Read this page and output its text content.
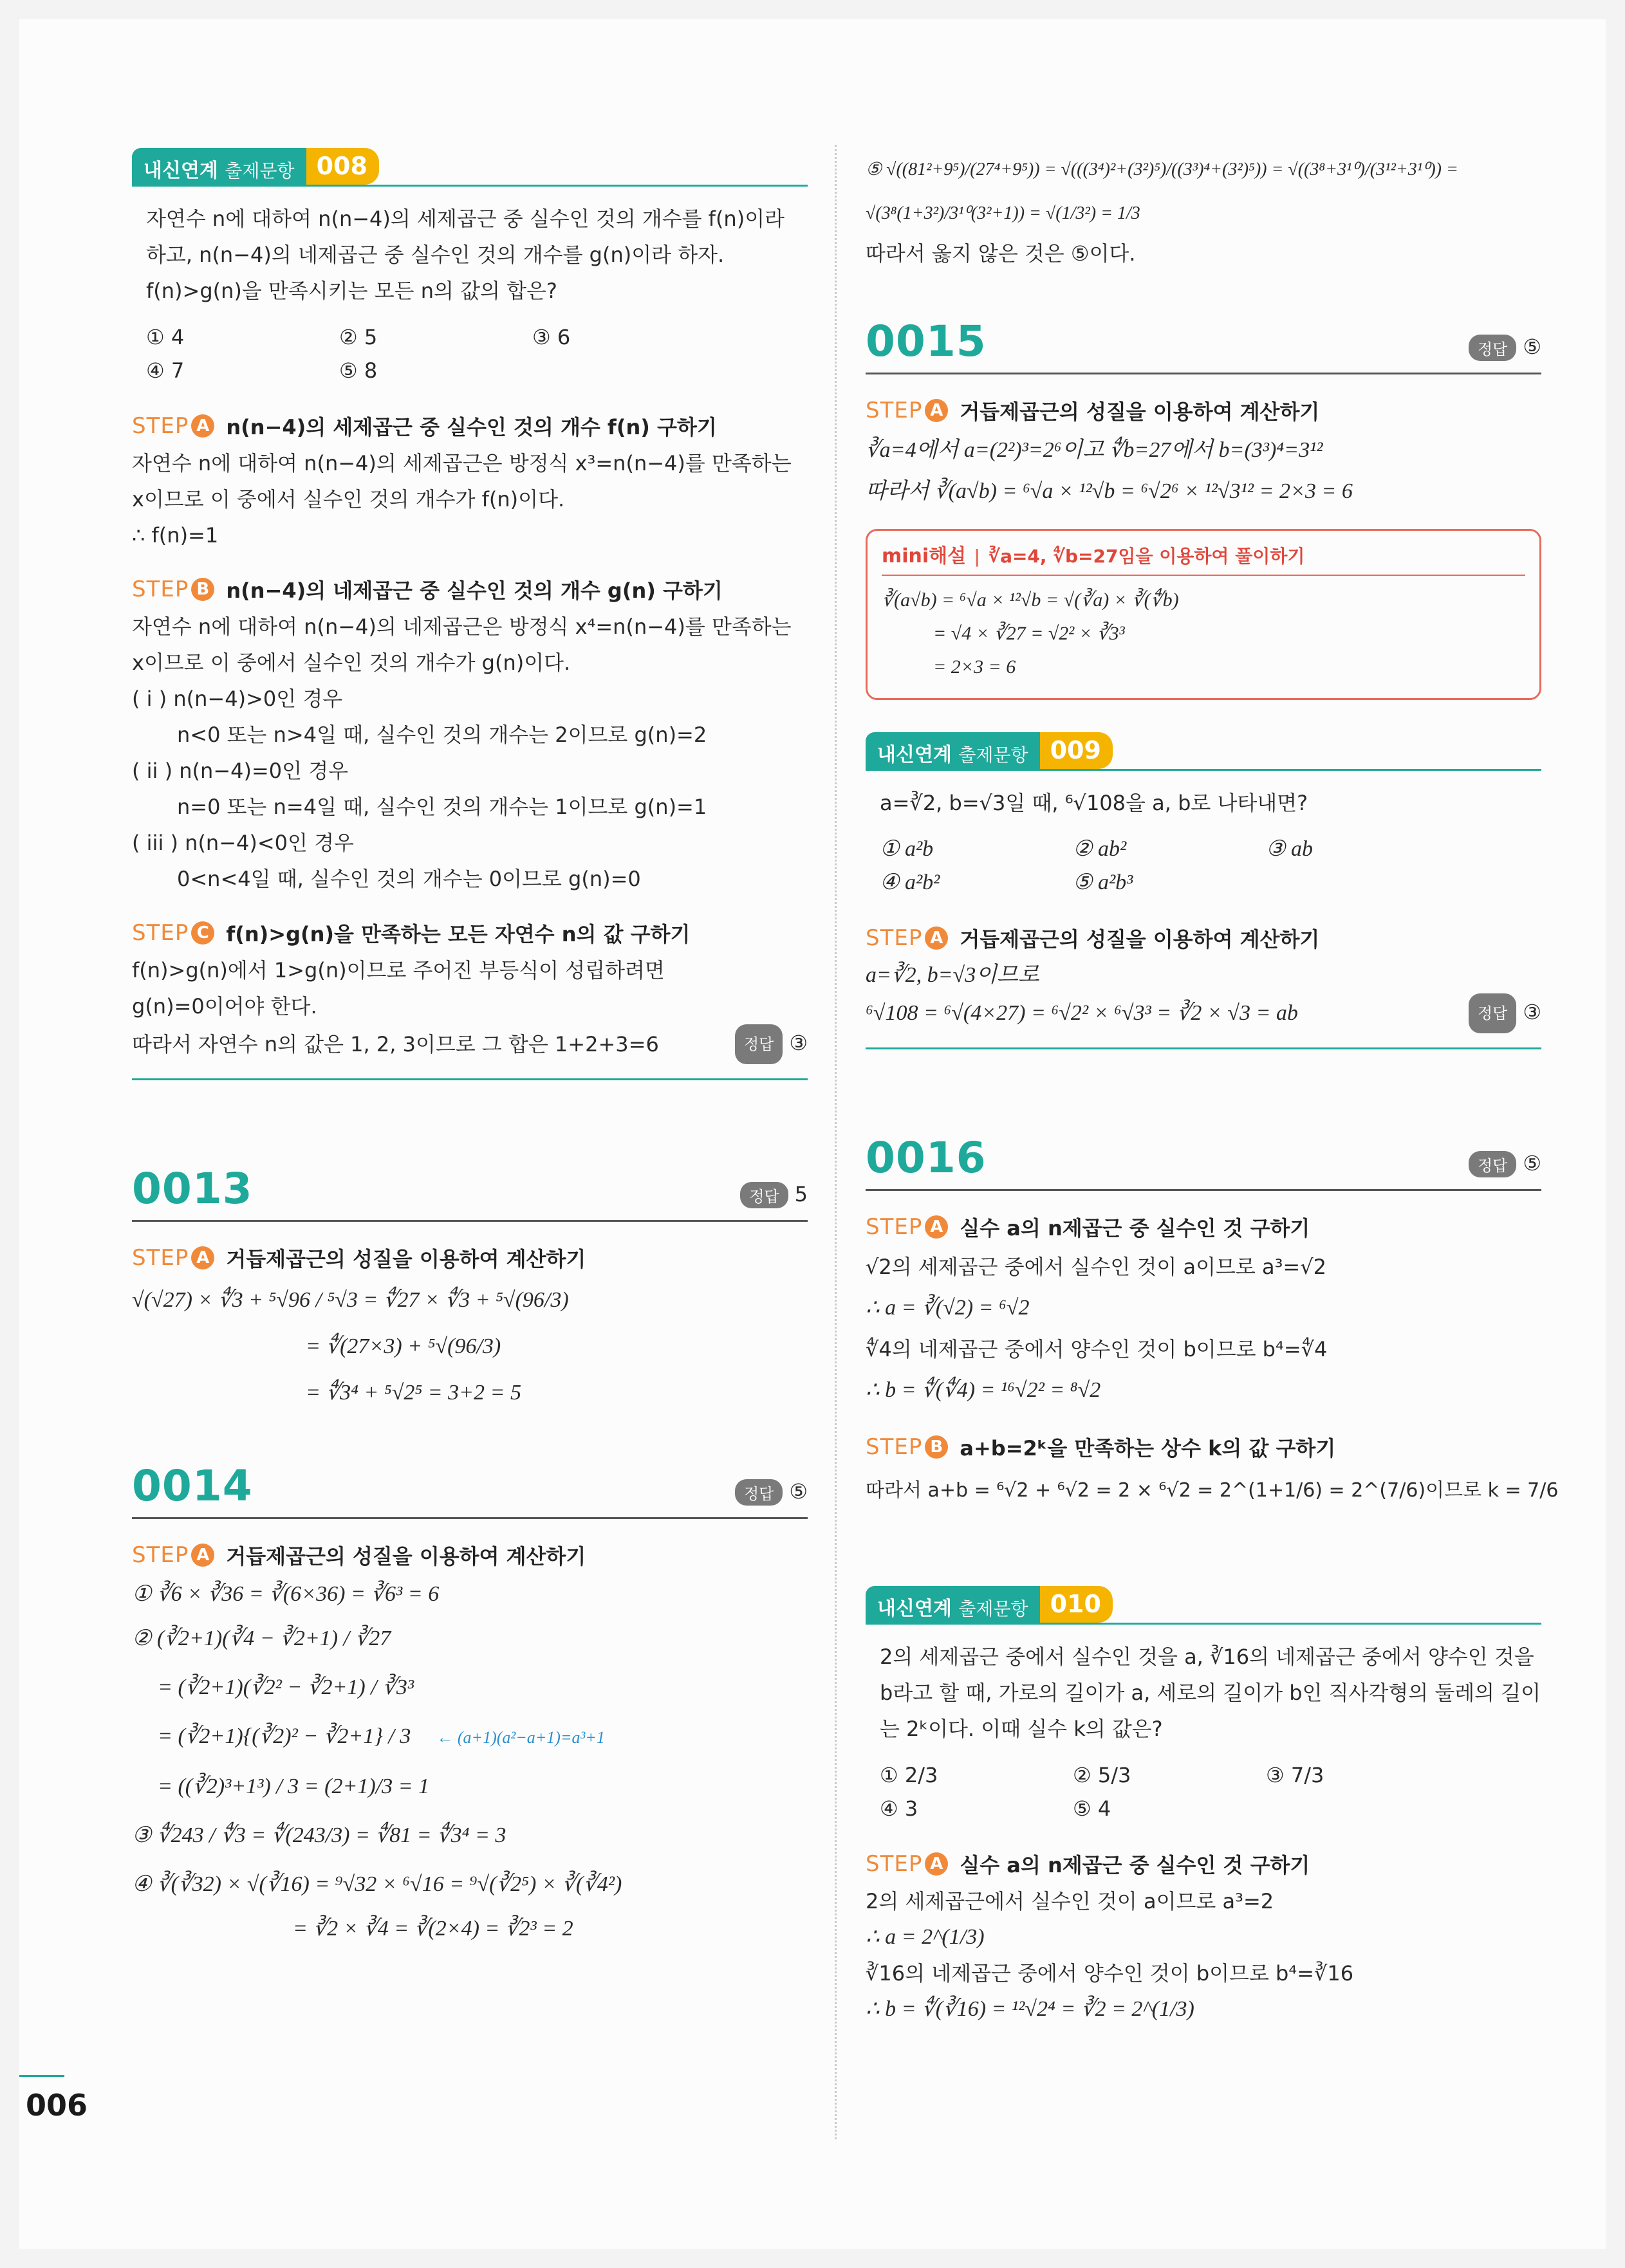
006
내신연계 출제문항 008
자연수 n에 대하여 n(n−4)의 세제곱근 중 실수인 것의 개수를 f(n)이라
하고, n(n−4)의 네제곱근 중 실수인 것의 개수를 g(n)이라 하자.
f(n)>g(n)을 만족시키는 모든 n의 값의 합은?
① 4	② 5	③ 6
④ 7	⑤ 8
STEP A n(n−4)의 세제곱근 중 실수인 것의 개수 f(n) 구하기
자연수 n에 대하여 n(n−4)의 세제곱근은 방정식 x³=n(n−4)를 만족하는
x이므로 이 중에서 실수인 것의 개수가 f(n)이다.
∴ f(n)=1
STEP B n(n−4)의 네제곱근 중 실수인 것의 개수 g(n) 구하기
자연수 n에 대하여 n(n−4)의 네제곱근은 방정식 x⁴=n(n−4)를 만족하는
x이므로 이 중에서 실수인 것의 개수가 g(n)이다.
( i ) n(n−4)>0인 경우
n<0 또는 n>4일 때, 실수인 것의 개수는 2이므로 g(n)=2
( ii ) n(n−4)=0인 경우
n=0 또는 n=4일 때, 실수인 것의 개수는 1이므로 g(n)=1
( iii ) n(n−4)<0인 경우
0<n<4일 때, 실수인 것의 개수는 0이므로 g(n)=0
STEP C f(n)>g(n)을 만족하는 모든 자연수 n의 값 구하기
f(n)>g(n)에서 1>g(n)이므로 주어진 부등식이 성립하려면
g(n)=0이어야 한다.
따라서 자연수 n의 값은 1, 2, 3이므로 그 합은 1+2+3=6	정답 ③
0013	정답 5
STEP A 거듭제곱근의 성질을 이용하여 계산하기
√(√27) × ∜3 + ⁵√96 / ⁵√3 = ∜27 × ∜3 + ⁵√(96/3)
= ∜(27×3) + ⁵√(96/3)
= ∜3⁴ + ⁵√2⁵ = 3+2 = 5
0014	정답 ⑤
STEP A 거듭제곱근의 성질을 이용하여 계산하기
① ∛6 × ∛36 = ∛(6×36) = ∛6³ = 6
② (∛2+1)(∛4 − ∛2+1) / ∛27
= (∛2+1)(∛2² − ∛2+1) / ∛3³
= (∛2+1){(∛2)² − ∛2+1} / 3 ← (a+1)(a²−a+1)=a³+1
= ((∛2)³+1³) / 3 = (2+1)/3 = 1
③ ∜243 / ∜3 = ∜(243/3) = ∜81 = ∜3⁴ = 3
④ ∛(∛32) × √(∛16) = ⁹√32 × ⁶√16 = ⁹√(∛2⁵) × ∛(∛4²)
= ∛2 × ∛4 = ∛(2×4) = ∛2³ = 2
⑤ √((81²+9⁵)/(27⁴+9⁵)) = √(((3⁴)²+(3²)⁵)/((3³)⁴+(3²)⁵)) = √((3⁸+3¹⁰)/(3¹²+3¹⁰)) = √(3⁸(1+3²)/3¹⁰(3²+1)) = √(1/3²) = 1/3
따라서 옳지 않은 것은 ⑤이다.
0015	정답 ⑤
STEP A 거듭제곱근의 성질을 이용하여 계산하기
∛a=4에서 a=(2²)³=2⁶이고 ∜b=27에서 b=(3³)⁴=3¹²
따라서 ∛(a√b) = ⁶√a × ¹²√b = ⁶√2⁶ × ¹²√3¹² = 2×3 = 6
mini해설 | ∛a=4, ∜b=27임을 이용하여 풀이하기
∛(a√b) = ⁶√a × ¹²√b = √(∛a) × ∛(∜b)
= √4 × ∛27 = √2² × ∛3³
= 2×3 = 6
내신연계 출제문항 009
a=∛2, b=√3일 때, ⁶√108을 a, b로 나타내면?
① a²b	② ab²	③ ab
④ a²b²	⑤ a²b³
STEP A 거듭제곱근의 성질을 이용하여 계산하기
a=∛2, b=√3이므로
⁶√108 = ⁶√(4×27) = ⁶√2² × ⁶√3³ = ∛2 × √3 = ab	정답 ③
0016	정답 ⑤
STEP A 실수 a의 n제곱근 중 실수인 것 구하기
√2의 세제곱근 중에서 실수인 것이 a이므로 a³=√2
∴ a = ∛(√2) = ⁶√2
∜4의 네제곱근 중에서 양수인 것이 b이므로 b⁴=∜4
∴ b = ∜(∜4) = ¹⁶√2² = ⁸√2
STEP B a+b=2ᵏ을 만족하는 상수 k의 값 구하기
따라서 a+b = ⁶√2 + ⁶√2 = 2 × ⁶√2 = 2^(1+1/6) = 2^(7/6)이므로 k = 7/6
내신연계 출제문항 010
2의 세제곱근 중에서 실수인 것을 a, ∛16의 네제곱근 중에서 양수인 것을
b라고 할 때, 가로의 길이가 a, 세로의 길이가 b인 직사각형의 둘레의 길이
는 2ᵏ이다. 이때 실수 k의 값은?
① 2/3	② 5/3	③ 7/3
④ 3	⑤ 4
STEP A 실수 a의 n제곱근 중 실수인 것 구하기
2의 세제곱근에서 실수인 것이 a이므로 a³=2
∴ a = 2^(1/3)
∛16의 네제곱근 중에서 양수인 것이 b이므로 b⁴=∛16
∴ b = ∜(∛16) = ¹²√2⁴ = ∛2 = 2^(1/3)
